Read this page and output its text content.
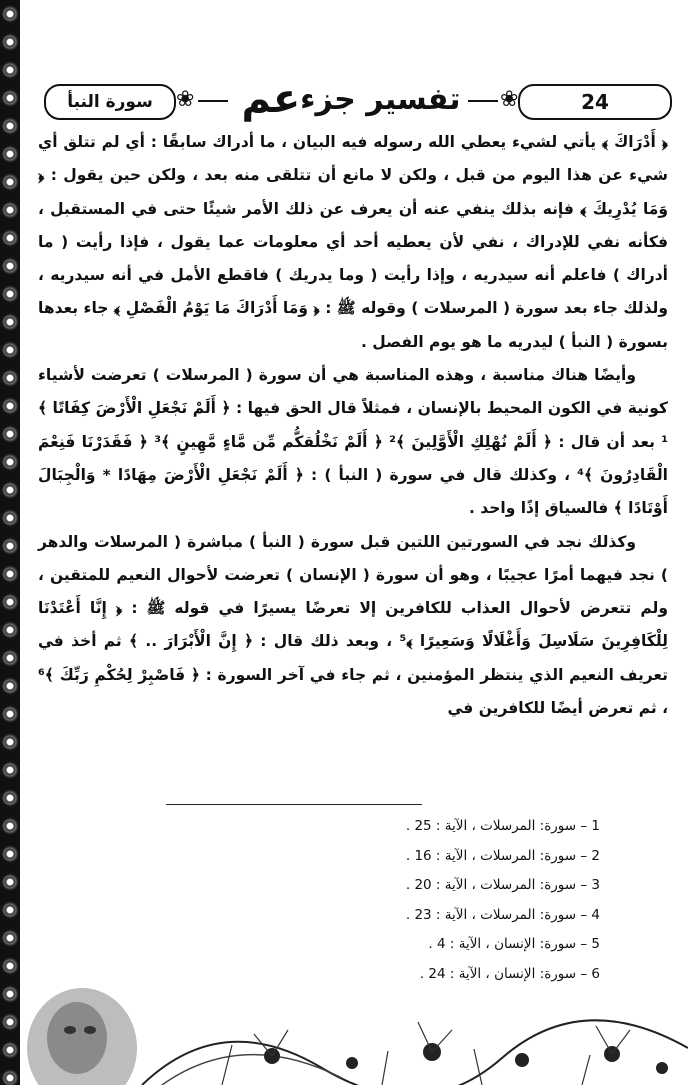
سورة النبأ	❀	تفسير جزء
عم	❀	24

﴿ أَدْرَاكَ ﴾ يأتي لشيء يعطي الله رسوله فيه البيان ، ما أدراك سابقًا : أي لم تتلق أي شيء عن هذا اليوم من قبل ، ولكن لا مانع أن تتلقى منه بعد ، ولكن حين يقول : ﴿ وَمَا يُدْرِيكَ ﴾ فإنه بذلك ينفي عنه أن يعرف عن ذلك الأمر شيئًا حتى في المستقبل ، فكأنه نفي للإدراك ، نفي لأن يعطيه أحد أي معلومات عما يقول ، فإذا رأيت ( ما أدراك ) فاعلم أنه سيدريه ، وإذا رأيت ( وما يدريك ) فاقطع الأمل في أنه سيدريه ، ولذلك جاء بعد سورة ( المرسلات ) وقوله ﷺ : ﴿ وَمَا أَدْرَاكَ مَا يَوْمُ الْفَصْلِ ﴾ جاء بعدها بسورة ( النبأ ) ليدريه ما هو يوم الفصل .

وأيضًا هناك مناسبة ، وهذه المناسبة هي أن سورة ( المرسلات ) تعرضت لأشياء كونية في الكون المحيط بالإنسان ، فمثلاً قال الحق فيها : ﴿ أَلَمْ نَجْعَلِ الْأَرْضَ كِفَاتًا ﴾¹ بعد أن قال : ﴿ أَلَمْ نُهْلِكِ الْأَوَّلِينَ ﴾² ﴿ أَلَمْ نَخْلُقكُّم مِّن مَّاءٍ مَّهِينٍ ﴾³ ﴿ فَقَدَرْنَا فَنِعْمَ الْقَادِرُونَ ﴾⁴ ، وكذلك قال في سورة ( النبأ ) : ﴿ أَلَمْ نَجْعَلِ الْأَرْضَ مِهَادًا * وَالْجِبَالَ أَوْتَادًا ﴾ فالسياق إذًا واحد .

وكذلك نجد في السورتين اللتين قبل سورة ( النبأ ) مباشرة ( المرسلات والدهر ) نجد فيهما أمرًا عجيبًا ، وهو أن سورة ( الإنسان ) تعرضت لأحوال النعيم للمتقين ، ولم تتعرض لأحوال العذاب للكافرين إلا تعرضًا يسيرًا في قوله ﷺ : ﴿ إِنَّا أَعْتَدْنَا لِلْكَافِرِينَ سَلَاسِلَ وَأَغْلَالًا وَسَعِيرًا ﴾⁵ ، وبعد ذلك قال : ﴿ إِنَّ الْأَبْرَارَ .. ﴾ ثم أخذ في تعريف النعيم الذي ينتظر المؤمنين ، ثم جاء في آخر السورة : ﴿ فَاصْبِرْ لِحُكْمِ رَبِّكَ ﴾⁶ ، ثم تعرض أيضًا للكافرين في

1 – سورة: المرسلات ، الآية : 25 .
2 – سورة: المرسلات ، الآية : 16 .
3 – سورة: المرسلات ، الآية : 20 .
4 – سورة: المرسلات ، الآية : 23 .
5 – سورة: الإنسان ، الآية : 4 .
6 – سورة: الإنسان ، الآية : 24 .
